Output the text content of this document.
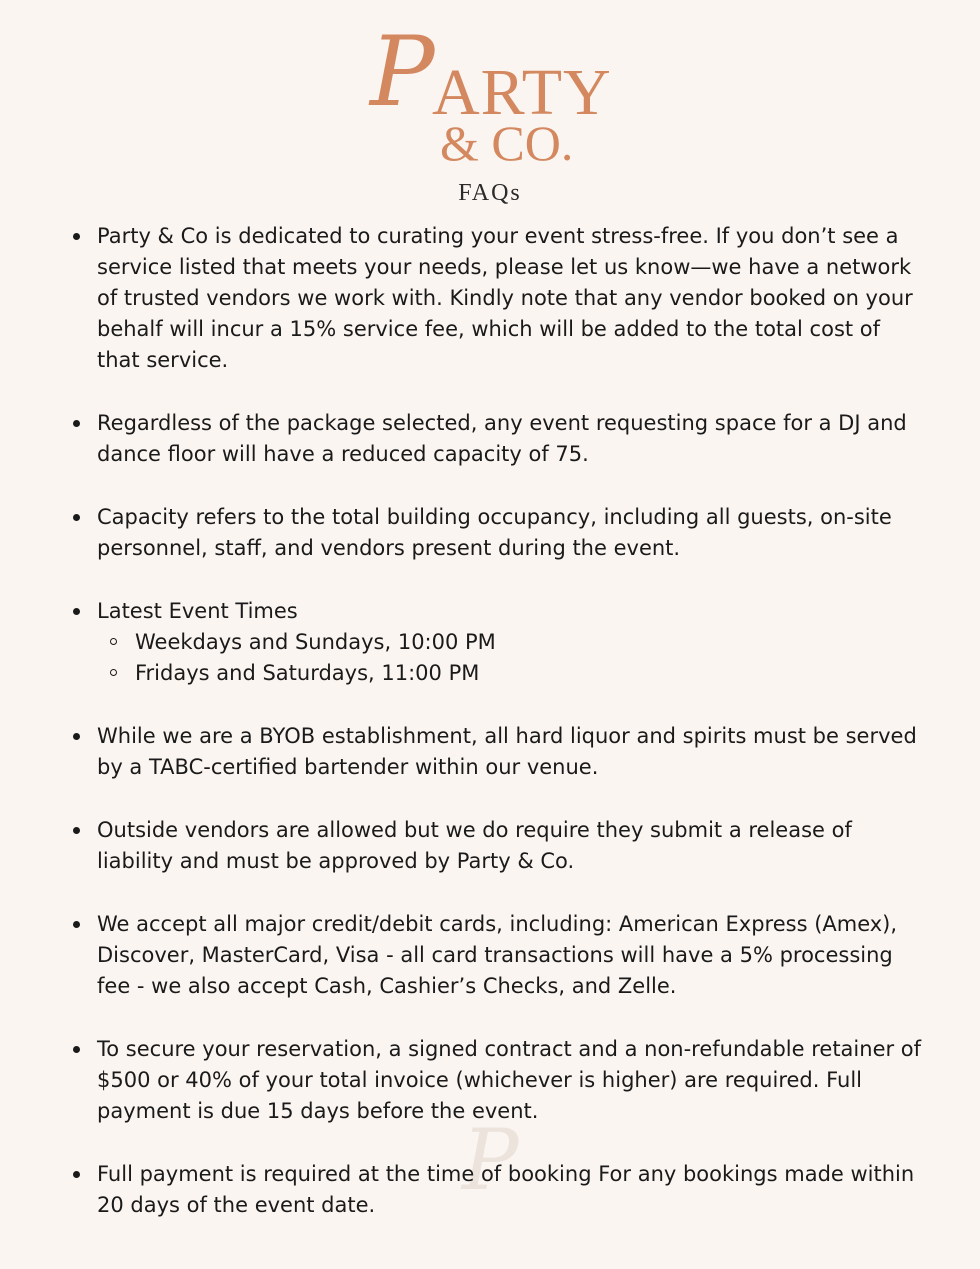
P
ARTY
& CO.
FAQs
P
Party & Co is dedicated to curating your event stress-free. If you don’t see a service listed that meets your needs, please let us know—we have a network of trusted vendors we work with. Kindly note that any vendor booked on your behalf will incur a 15% service fee, which will be added to the total cost of that service.
Regardless of the package selected, any event requesting space for a DJ and dance floor will have a reduced capacity of 75.
Capacity refers to the total building occupancy, including all guests, on-site personnel, staff, and vendors present during the event.
Latest Event Times
Weekdays and Sundays, 10:00 PM
Fridays and Saturdays, 11:00 PM
While we are a BYOB establishment, all hard liquor and spirits must be served by a TABC-certified bartender within our venue.
Outside vendors are allowed but we do require they submit a release of liability and must be approved by Party & Co.
We accept all major credit/debit cards, including: American Express (Amex), Discover, MasterCard, Visa - all card transactions will have a 5% processing fee - we also accept Cash, Cashier’s Checks, and Zelle.
To secure your reservation, a signed contract and a non-refundable retainer of $500 or 40% of your total invoice (whichever is higher) are required. Full payment is due 15 days before the event.
Full payment is required at the time of booking For any bookings made within 20 days of the event date.
